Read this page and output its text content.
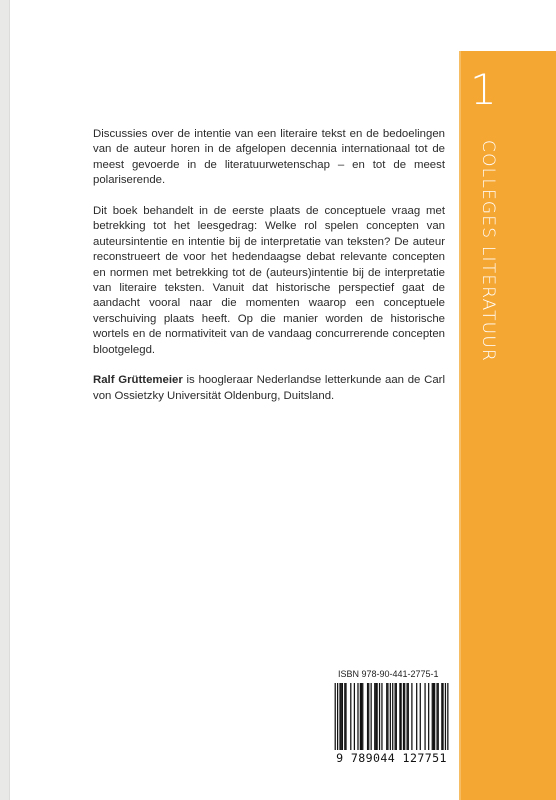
1
COLLEGES LITERATUUR

Discussies over de intentie van een literaire tekst en de bedoelingen van de auteur horen in de afgelopen decennia internationaal tot de meest gevoerde in de literatuurwetenschap – en tot de meest polariserende.

Dit boek behandelt in de eerste plaats de conceptuele vraag met betrekking tot het leesgedrag: Welke rol spelen concepten van auteursintentie en intentie bij de interpretatie van teksten? De auteur reconstrueert de voor het hedendaagse debat relevante concepten en normen met betrekking tot de (auteurs)intentie bij de interpretatie van literaire teksten. Vanuit dat historische perspectief gaat de aandacht vooral naar die momenten waarop een conceptuele verschuiving plaats heeft. Op die manier worden de historische wortels en de normativiteit van de vandaag concurrerende concepten blootgelegd.

Ralf Grüttemeier is hoogleraar Nederlandse letterkunde aan de Carl von Ossietzky Universität Oldenburg, Duitsland.

ISBN 978-90-441-2775-1
9 789044 127751
